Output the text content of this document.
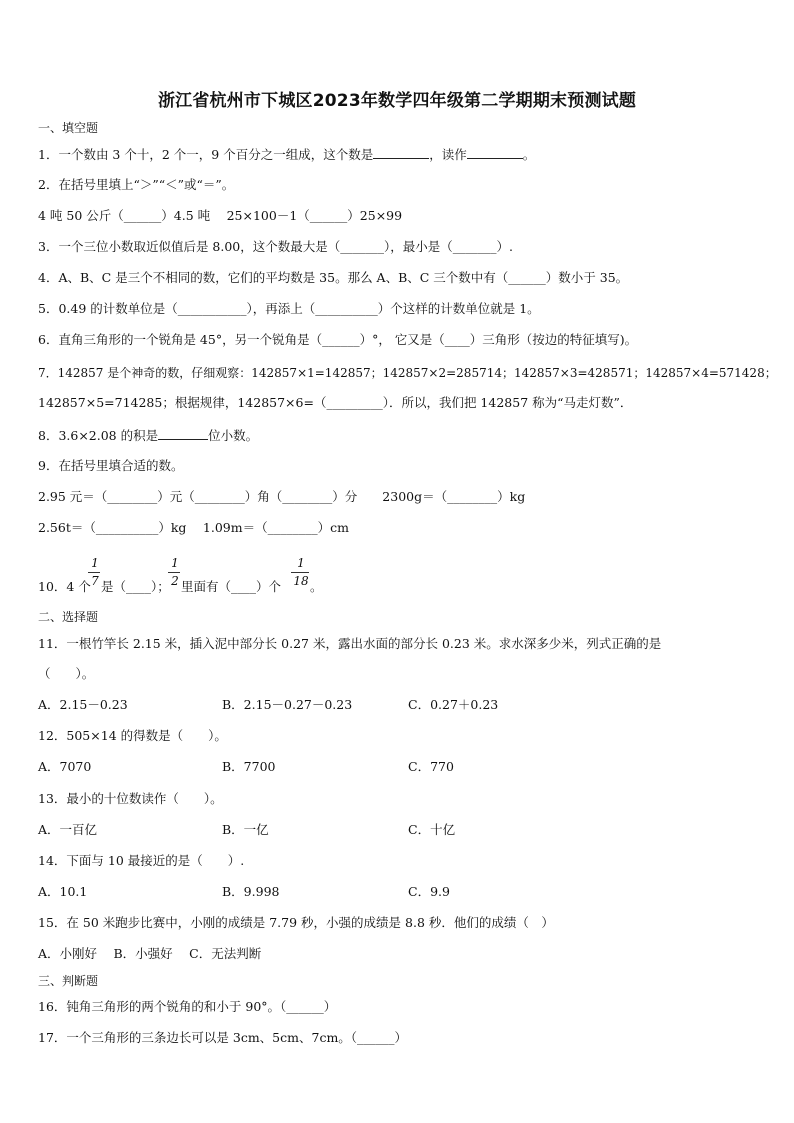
浙江省杭州市下城区2023年数学四年级第二学期期末预测试题
一、填空题
1．一个数由 3 个十，2 个一，9 个百分之一组成，这个数是	，读作	。
2．在括号里填上“＞”“＜”或“＝”。
4 吨 50 公斤（______）4.5 吨　 25×100－1（______）25×99
3．一个三位小数取近似值后是 8.00，这个数最大是（_______），最小是（_______）.
4．A、B、C 是三个不相同的数，它们的平均数是 35。那么 A、B、C 三个数中有（______）数小于 35。
5．0.49 的计数单位是（___________），再添上（__________）个这样的计数单位就是 1。
6．直角三角形的一个锐角是 45°，另一个锐角是（______）°， 它又是（____）三角形（按边的特征填写)。
7．142857 是个神奇的数，仔细观察：142857×1=142857；142857×2=285714；142857×3=428571；142857×4=571428；
142857×5=714285；根据规律，142857×6=（_________）．所以，我们把 142857 称为“马走灯数”．
8．3.6×2.08 的积是	位小数。
9．在括号里填合适的数。
2.95 元＝（________）元（________）角（________）分　　2300g＝（________）kg
2.56t＝（__________）kg　 1.09m＝（________）cm
10．4 个
1
7 是（____）；
1
2 里面有（____）个
1
18 。
二、选择题
11．一根竹竿长 2.15 米，插入泥中部分长 0.27 米，露出水面的部分长 0.23 米。求水深多少米，列式正确的是
（　　）。
A．2.15－0.23	B．2.15－0.27－0.23	C．0.27＋0.23
12．505×14 的得数是（　　）。
A．7070	B．7700	C．770
13．最小的十位数读作（　　）。
A．一百亿	B．一亿	C．十亿
14．下面与 10 最接近的是（　　）.
A．10.1	B．9.998	C．9.9
15．在 50 米跑步比赛中，小刚的成绩是 7.79 秒，小强的成绩是 8.8 秒．他们的成绩（　）
A．小刚好　 B．小强好　 C．无法判断
三、判断题
16．钝角三角形的两个锐角的和小于 90°。（______）
17．一个三角形的三条边长可以是 3cm、5cm、7cm。（______）
